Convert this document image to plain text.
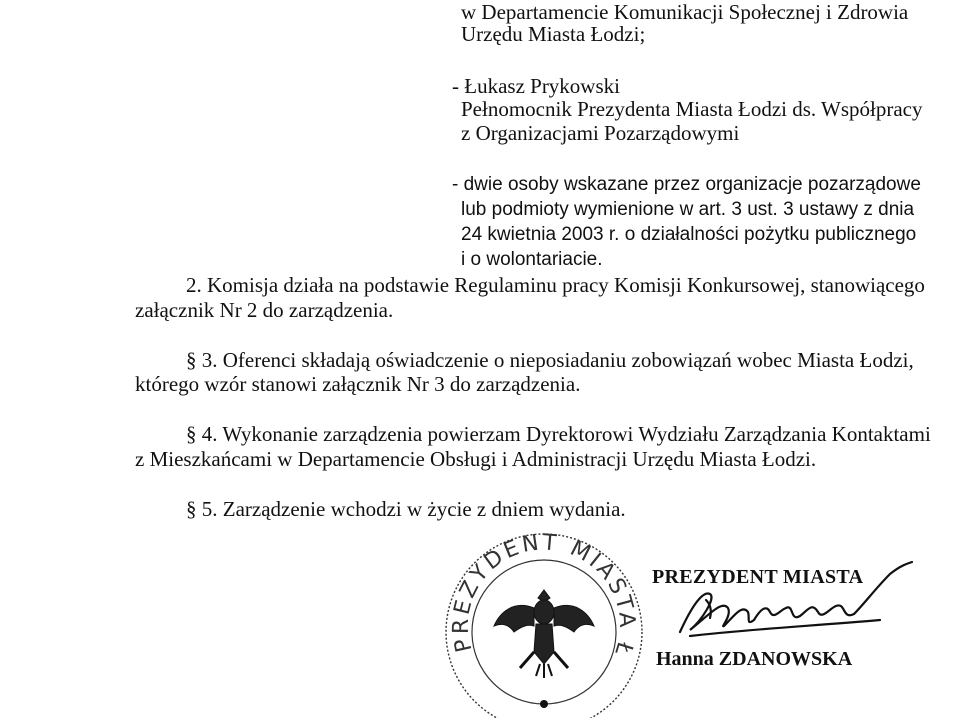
w Departamencie Komunikacji Społecznej i Zdrowia
Urzędu Miasta Łodzi;
- Łukasz Prykowski
Pełnomocnik Prezydenta Miasta Łodzi ds. Współpracy
z Organizacjami Pozarządowymi
- dwie osoby wskazane przez organizacje pozarządowe
lub podmioty wymienione w art. 3 ust. 3 ustawy z dnia
24 kwietnia 2003 r. o działalności pożytku publicznego
i o wolontariacie.
2. Komisja działa na podstawie Regulaminu pracy Komisji Konkursowej, stanowiącego
załącznik Nr 2 do zarządzenia.
§ 3. Oferenci składają oświadczenie o nieposiadaniu zobowiązań wobec Miasta Łodzi,
którego wzór stanowi załącznik Nr 3 do zarządzenia.
§ 4. Wykonanie zarządzenia powierzam Dyrektorowi Wydziału Zarządzania Kontaktami
z Mieszkańcami w Departamencie Obsługi i Administracji Urzędu Miasta Łodzi.
§ 5. Zarządzenie wchodzi w życie z dniem wydania.
PREZYDENT MIASTA Ł
PREZYDENT MIASTA
Hanna ZDANOWSKA
